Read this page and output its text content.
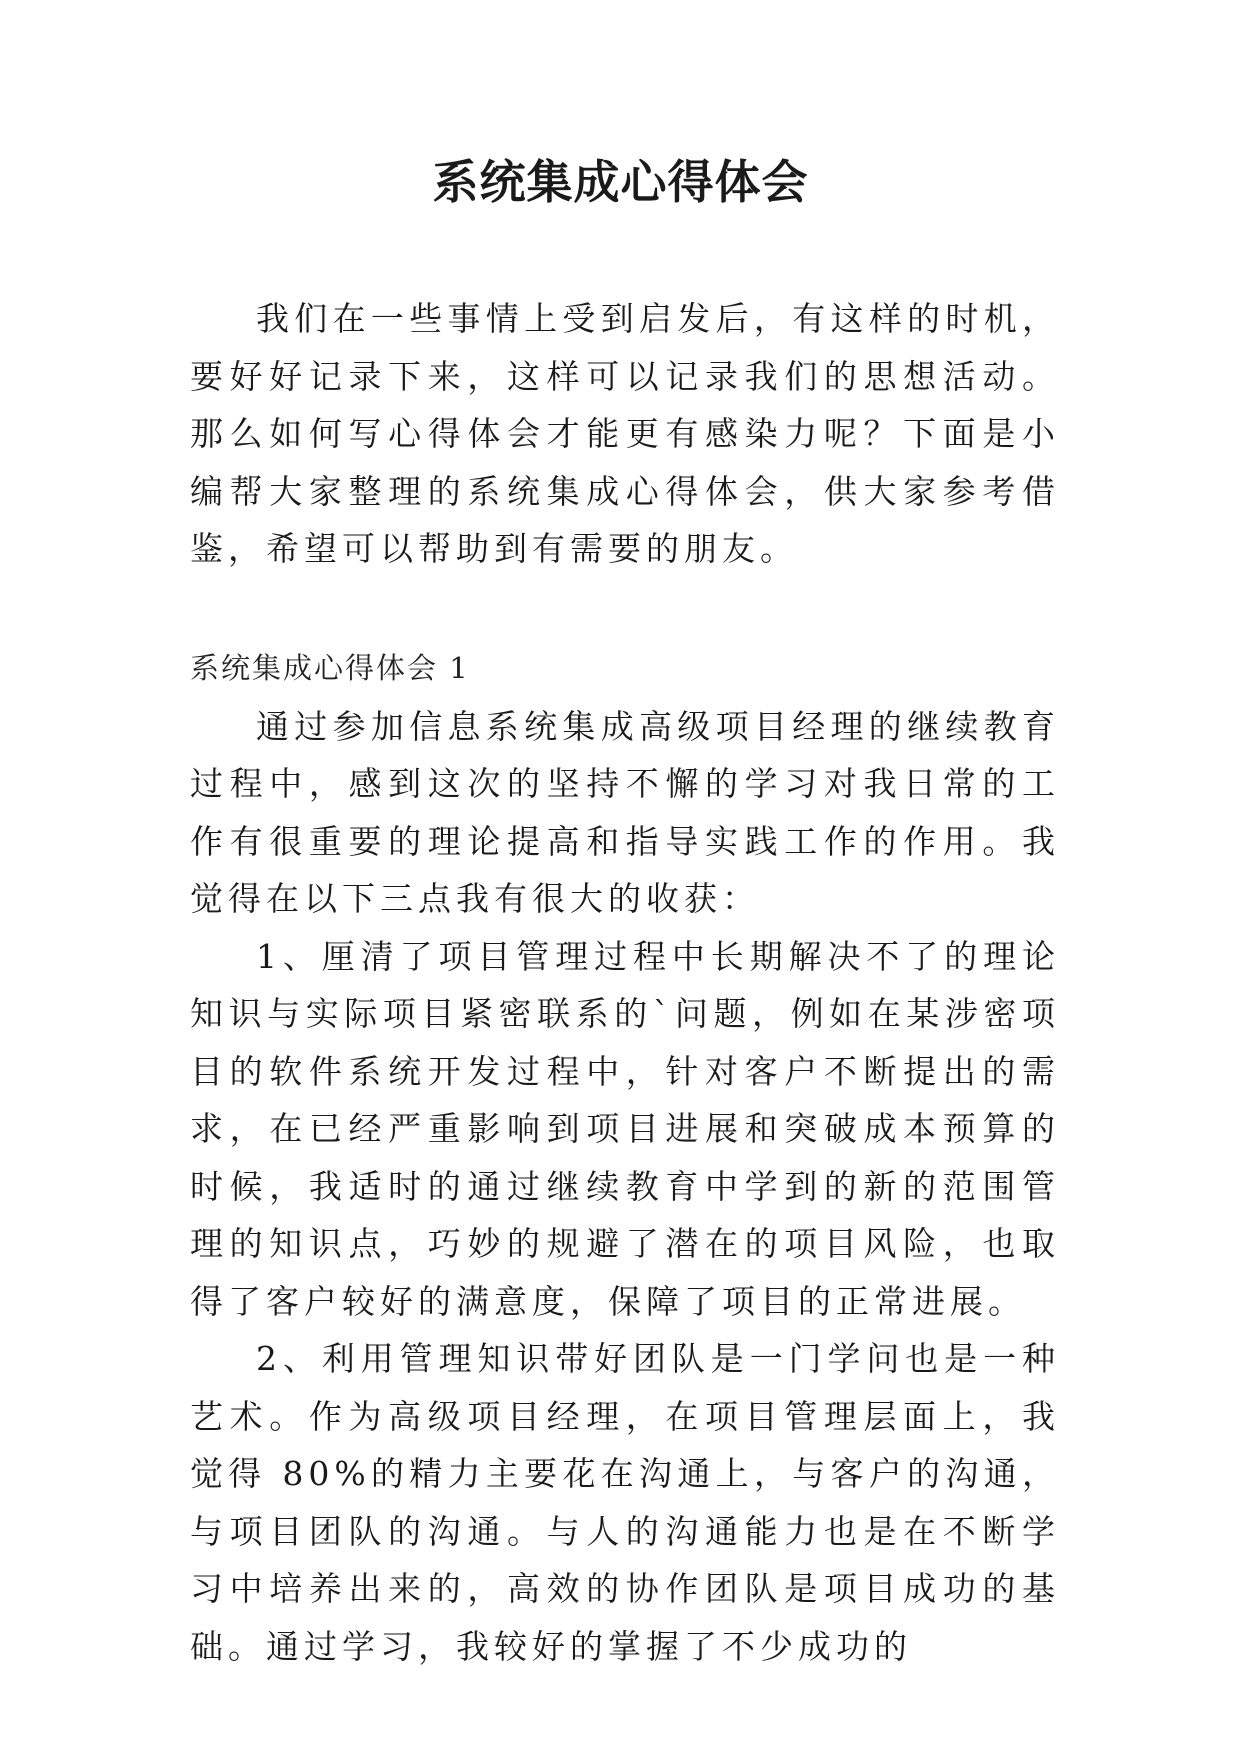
系统集成心得体会

我们在一些事情上受到启发后，有这样的时机，要好好记录下来，这样可以记录我们的思想活动。那么如何写心得体会才能更有感染力呢？下面是小编帮大家整理的系统集成心得体会，供大家参考借鉴，希望可以帮助到有需要的朋友。

系统集成心得体会 1

通过参加信息系统集成高级项目经理的继续教育过程中，感到这次的坚持不懈的学习对我日常的工作有很重要的理论提高和指导实践工作的作用。我觉得在以下三点我有很大的收获：

1、厘清了项目管理过程中长期解决不了的理论知识与实际项目紧密联系的`问题，例如在某涉密项目的软件系统开发过程中，针对客户不断提出的需求，在已经严重影响到项目进展和突破成本预算的时候，我适时的通过继续教育中学到的新的范围管理的知识点，巧妙的规避了潜在的项目风险，也取得了客户较好的满意度，保障了项目的正常进展。

2、利用管理知识带好团队是一门学问也是一种艺术。作为高级项目经理，在项目管理层面上，我觉得 80%的精力主要花在沟通上，与客户的沟通，与项目团队的沟通。与人的沟通能力也是在不断学习中培养出来的，高效的协作团队是项目成功的基础。通过学习，我较好的掌握了不少成功的
